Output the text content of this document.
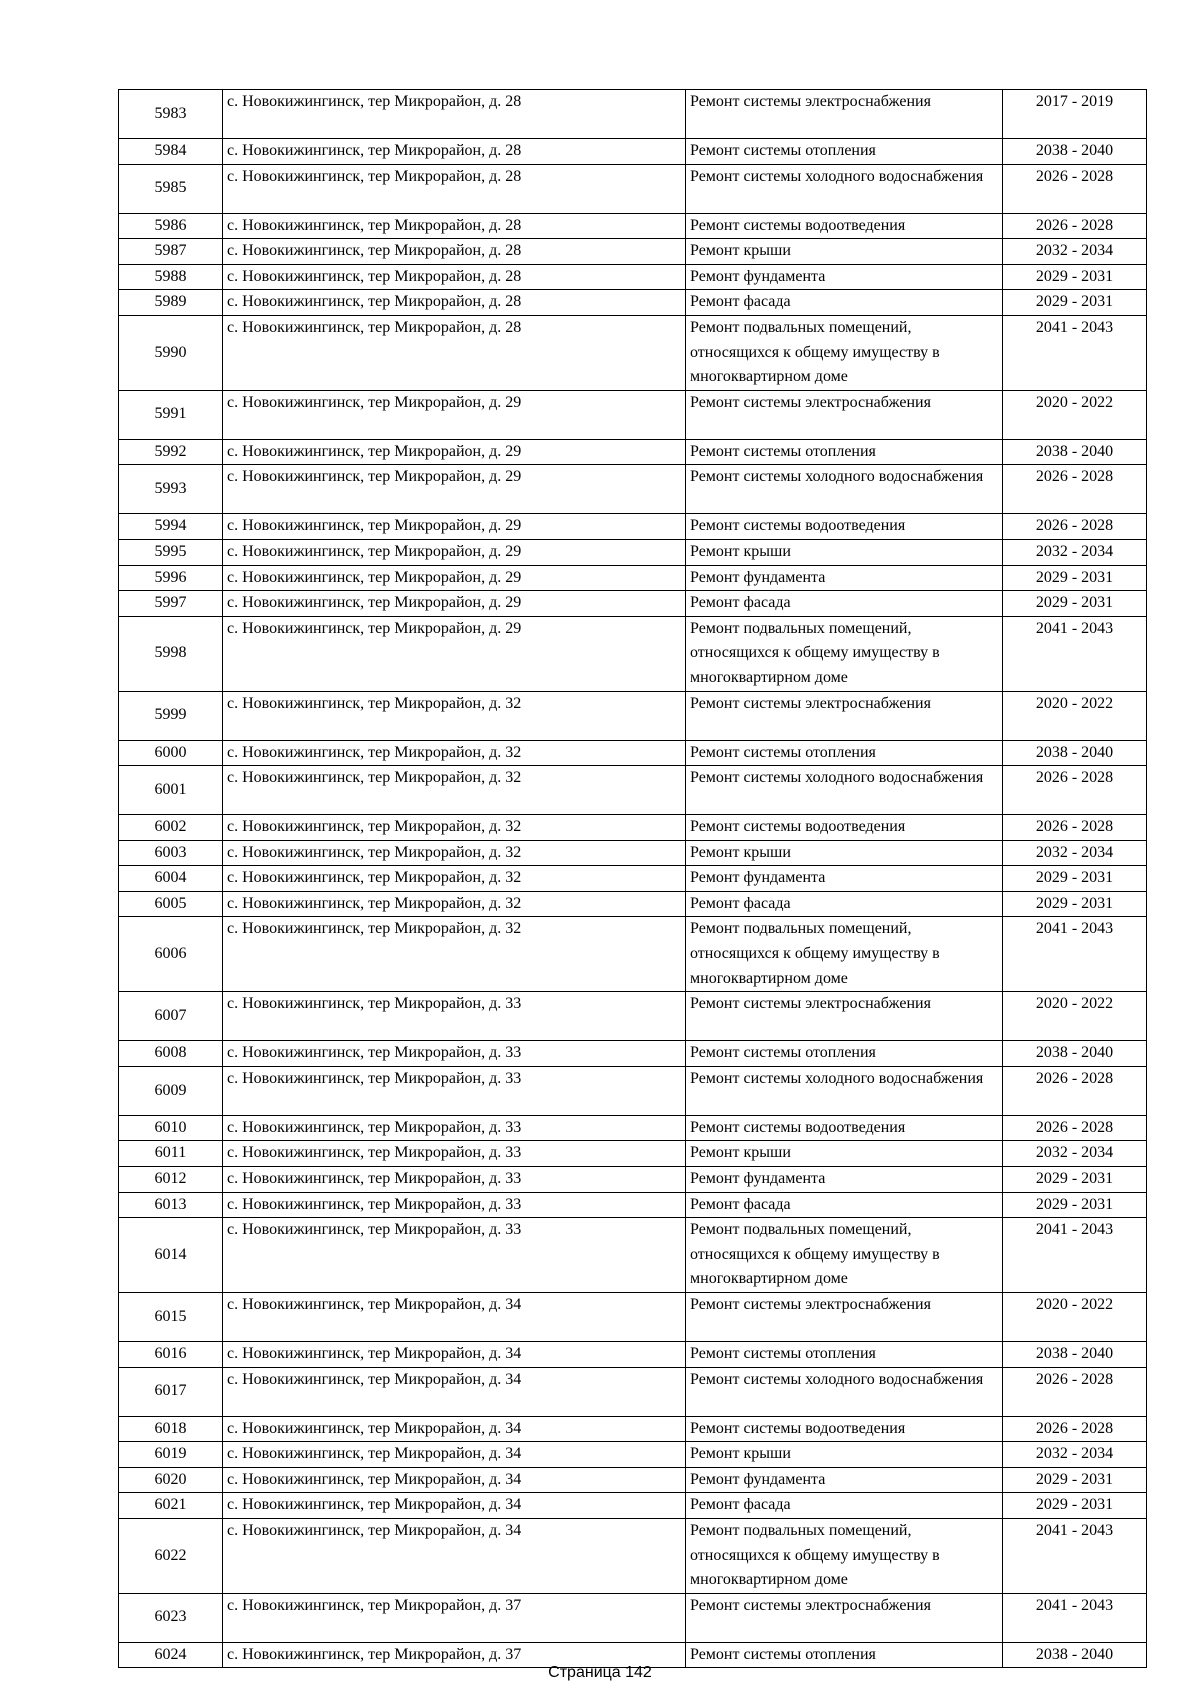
5983	с. Новокижингинск, тер Микрорайон, д. 28	Ремонт системы электроснабжения	2017 - 2019
5984	с. Новокижингинск, тер Микрорайон, д. 28	Ремонт системы отопления	2038 - 2040
5985	с. Новокижингинск, тер Микрорайон, д. 28	Ремонт системы холодного водоснабжения	2026 - 2028
5986	с. Новокижингинск, тер Микрорайон, д. 28	Ремонт системы водоотведения	2026 - 2028
5987	с. Новокижингинск, тер Микрорайон, д. 28	Ремонт крыши	2032 - 2034
5988	с. Новокижингинск, тер Микрорайон, д. 28	Ремонт фундамента	2029 - 2031
5989	с. Новокижингинск, тер Микрорайон, д. 28	Ремонт фасада	2029 - 2031
5990	с. Новокижингинск, тер Микрорайон, д. 28	Ремонт подвальных помещений, относящихся к общему имуществу в многоквартирном доме	2041 - 2043
5991	с. Новокижингинск, тер Микрорайон, д. 29	Ремонт системы электроснабжения	2020 - 2022
5992	с. Новокижингинск, тер Микрорайон, д. 29	Ремонт системы отопления	2038 - 2040
5993	с. Новокижингинск, тер Микрорайон, д. 29	Ремонт системы холодного водоснабжения	2026 - 2028
5994	с. Новокижингинск, тер Микрорайон, д. 29	Ремонт системы водоотведения	2026 - 2028
5995	с. Новокижингинск, тер Микрорайон, д. 29	Ремонт крыши	2032 - 2034
5996	с. Новокижингинск, тер Микрорайон, д. 29	Ремонт фундамента	2029 - 2031
5997	с. Новокижингинск, тер Микрорайон, д. 29	Ремонт фасада	2029 - 2031
5998	с. Новокижингинск, тер Микрорайон, д. 29	Ремонт подвальных помещений, относящихся к общему имуществу в многоквартирном доме	2041 - 2043
5999	с. Новокижингинск, тер Микрорайон, д. 32	Ремонт системы электроснабжения	2020 - 2022
6000	с. Новокижингинск, тер Микрорайон, д. 32	Ремонт системы отопления	2038 - 2040
6001	с. Новокижингинск, тер Микрорайон, д. 32	Ремонт системы холодного водоснабжения	2026 - 2028
6002	с. Новокижингинск, тер Микрорайон, д. 32	Ремонт системы водоотведения	2026 - 2028
6003	с. Новокижингинск, тер Микрорайон, д. 32	Ремонт крыши	2032 - 2034
6004	с. Новокижингинск, тер Микрорайон, д. 32	Ремонт фундамента	2029 - 2031
6005	с. Новокижингинск, тер Микрорайон, д. 32	Ремонт фасада	2029 - 2031
6006	с. Новокижингинск, тер Микрорайон, д. 32	Ремонт подвальных помещений, относящихся к общему имуществу в многоквартирном доме	2041 - 2043
6007	с. Новокижингинск, тер Микрорайон, д. 33	Ремонт системы электроснабжения	2020 - 2022
6008	с. Новокижингинск, тер Микрорайон, д. 33	Ремонт системы отопления	2038 - 2040
6009	с. Новокижингинск, тер Микрорайон, д. 33	Ремонт системы холодного водоснабжения	2026 - 2028
6010	с. Новокижингинск, тер Микрорайон, д. 33	Ремонт системы водоотведения	2026 - 2028
6011	с. Новокижингинск, тер Микрорайон, д. 33	Ремонт крыши	2032 - 2034
6012	с. Новокижингинск, тер Микрорайон, д. 33	Ремонт фундамента	2029 - 2031
6013	с. Новокижингинск, тер Микрорайон, д. 33	Ремонт фасада	2029 - 2031
6014	с. Новокижингинск, тер Микрорайон, д. 33	Ремонт подвальных помещений, относящихся к общему имуществу в многоквартирном доме	2041 - 2043
6015	с. Новокижингинск, тер Микрорайон, д. 34	Ремонт системы электроснабжения	2020 - 2022
6016	с. Новокижингинск, тер Микрорайон, д. 34	Ремонт системы отопления	2038 - 2040
6017	с. Новокижингинск, тер Микрорайон, д. 34	Ремонт системы холодного водоснабжения	2026 - 2028
6018	с. Новокижингинск, тер Микрорайон, д. 34	Ремонт системы водоотведения	2026 - 2028
6019	с. Новокижингинск, тер Микрорайон, д. 34	Ремонт крыши	2032 - 2034
6020	с. Новокижингинск, тер Микрорайон, д. 34	Ремонт фундамента	2029 - 2031
6021	с. Новокижингинск, тер Микрорайон, д. 34	Ремонт фасада	2029 - 2031
6022	с. Новокижингинск, тер Микрорайон, д. 34	Ремонт подвальных помещений, относящихся к общему имуществу в многоквартирном доме	2041 - 2043
6023	с. Новокижингинск, тер Микрорайон, д. 37	Ремонт системы электроснабжения	2041 - 2043
6024	с. Новокижингинск, тер Микрорайон, д. 37	Ремонт системы отопления	2038 - 2040
Страница 142
